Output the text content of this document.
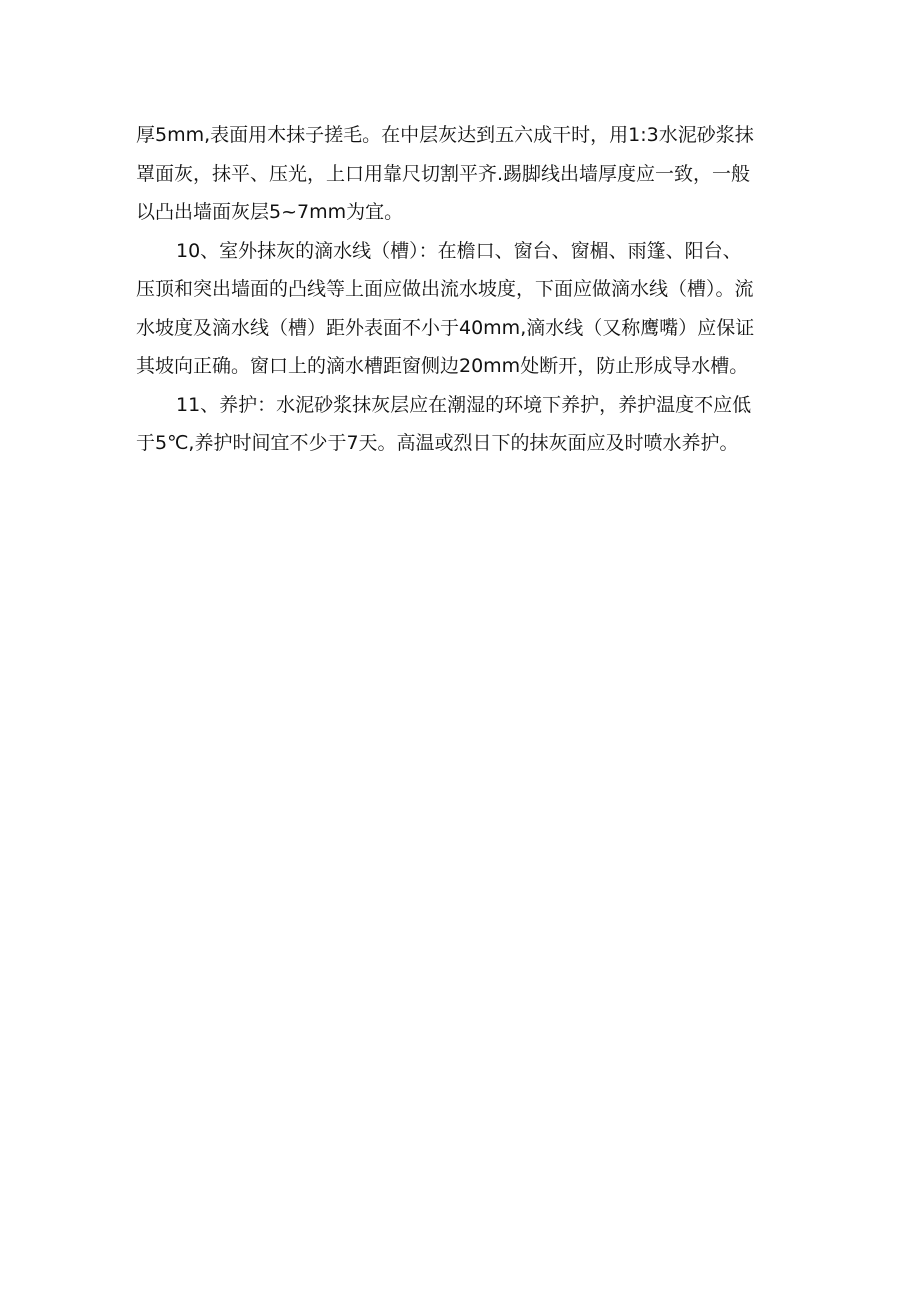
厚5mm,表面用木抹子搓毛。在中层灰达到五六成干时，用1:3水泥砂浆抹
罩面灰，抹平、压光，上口用靠尺切割平齐.踢脚线出墙厚度应一致，一般
以凸出墙面灰层5~7mm为宜。

10、室外抹灰的滴水线（槽）：在檐口、窗台、窗楣、雨篷、阳台、
压顶和突出墙面的凸线等上面应做出流水坡度，下面应做滴水线（槽）。流
水坡度及滴水线（槽）距外表面不小于40mm,滴水线（又称鹰嘴）应保证
其坡向正确。窗口上的滴水槽距窗侧边20mm处断开，防止形成导水槽。

11、养护：水泥砂浆抹灰层应在潮湿的环境下养护，养护温度不应低
于5℃,养护时间宜不少于7天。高温或烈日下的抹灰面应及时喷水养护。
